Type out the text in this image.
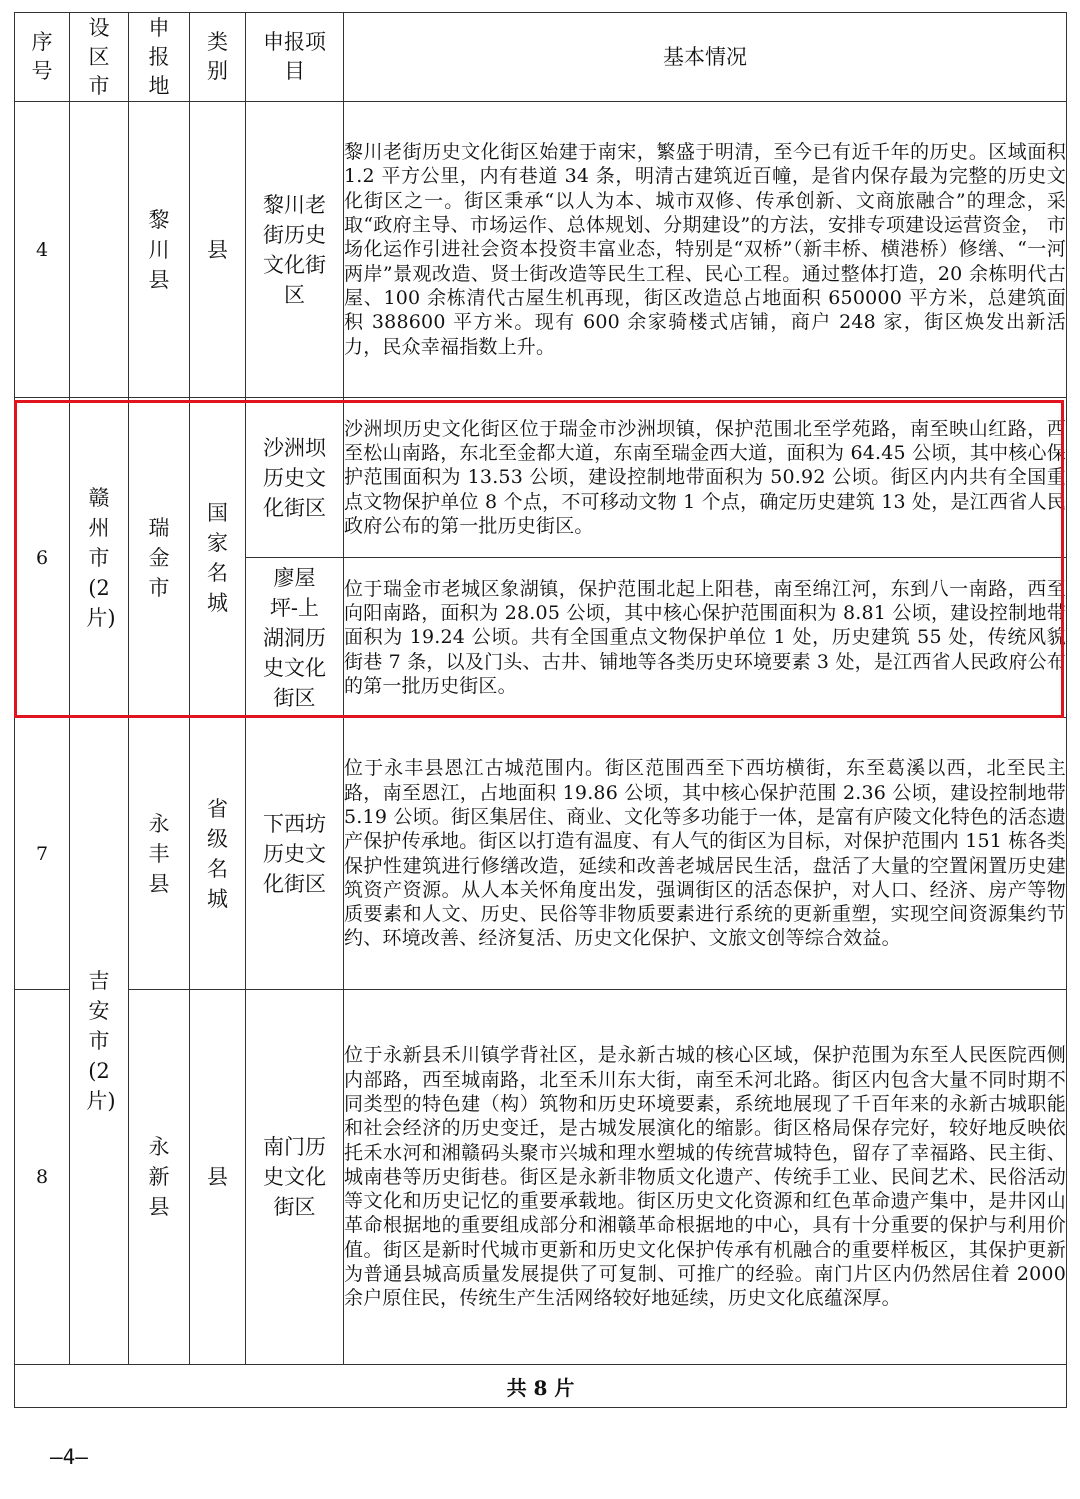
序号	设区市	申报地	类别	申报项目	基本情况
4		黎川县	县	黎川老街历史文化街区	黎川老街历史文化街区始建于南宋，繁盛于明清，至今已有近千年的历史。区域面积 1.2 平方公里，内有巷道 34 条，明清古建筑近百幢，是省内保存最为完整的历史文化街区之一。街区秉承“以人为本、城市双修、传承创新、文商旅融合”的理念，采取“政府主导、市场运作、总体规划、分期建设”的方法，安排专项建设运营资金， 市场化运作引进社会资本投资丰富业态，特别是“双桥”（新丰桥、横港桥）修缮、“一河两岸”景观改造、贤士街改造等民生工程、民心工程。通过整体打造，20 余栋明代古屋、100 余栋清代古屋生机再现，街区改造总占地面积 650000 平方米，总建筑面积 388600 平方米。现有 600 余家骑楼式店铺，商户 248 家，街区焕发出新活力，民众幸福指数上升。
6	赣州市(2片)	瑞金市	国家名城	沙洲坝历史文化街区	沙洲坝历史文化街区位于瑞金市沙洲坝镇，保护范围北至学苑路，南至映山红路，西至松山南路，东北至金都大道，东南至瑞金西大道，面积为 64.45 公顷，其中核心保护范围面积为 13.53 公顷，建设控制地带面积为 50.92 公顷。街区内内共有全国重点文物保护单位 8 个点，不可移动文物 1 个点，确定历史建筑 13 处，是江西省人民政府公布的第一批历史街区。

				廖屋坪-上湖洞历史文化街区	位于瑞金市老城区象湖镇，保护范围北起上阳巷，南至绵江河，东到八一南路，西至向阳南路，面积为 28.05 公顷，其中核心保护范围面积为 8.81 公顷，建设控制地带面积为 19.24 公顷。共有全国重点文物保护单位 1 处，历史建筑 55 处，传统风貌街巷 7 条，以及门头、古井、铺地等各类历史环境要素 3 处，是江西省人民政府公布的第一批历史街区。
7	吉安市(2片)	永丰县	省级名城	下西坊历史文化街区	位于永丰县恩江古城范围内。街区范围西至下西坊横街，东至葛溪以西，北至民主路，南至恩江，占地面积 19.86 公顷，其中核心保护范围 2.36 公顷，建设控制地带 5.19 公顷。街区集居住、商业、文化等多功能于一体，是富有庐陵文化特色的活态遗产保护传承地。街区以打造有温度、有人气的街区为目标，对保护范围内 151 栋各类保护性建筑进行修缮改造，延续和改善老城居民生活，盘活了大量的空置闲置历史建筑资产资源。从人本关怀角度出发，强调街区的活态保护，对人口、经济、房产等物质要素和人文、历史、民俗等非物质要素进行系统的更新重塑，实现空间资源集约节约、环境改善、经济复活、历史文化保护、文旅文创等综合效益。
8		永新县	县	南门历史文化街区	位于永新县禾川镇学背社区，是永新古城的核心区域，保护范围为东至人民医院西侧内部路，西至城南路，北至禾川东大街，南至禾河北路。街区内包含大量不同时期不同类型的特色建（构）筑物和历史环境要素，系统地展现了千百年来的永新古城职能和社会经济的历史变迁，是古城发展演化的缩影。街区格局保存完好，较好地反映依托禾水河和湘赣码头聚市兴城和理水塑城的传统营城特色，留存了幸福路、民主街、城南巷等历史街巷。街区是永新非物质文化遗产、传统手工业、民间艺术、民俗活动等文化和历史记忆的重要承载地。街区历史文化资源和红色革命遗产集中，是井冈山革命根据地的重要组成部分和湘赣革命根据地的中心，具有十分重要的保护与利用价值。街区是新时代城市更新和历史文化保护传承有机融合的重要样板区，其保护更新为普通县城高质量发展提供了可复制、可推广的经验。南门片区内仍然居住着 2000 余户原住民，传统生产生活网络较好地延续，历史文化底蕴深厚。
共 8 片					
—4—
